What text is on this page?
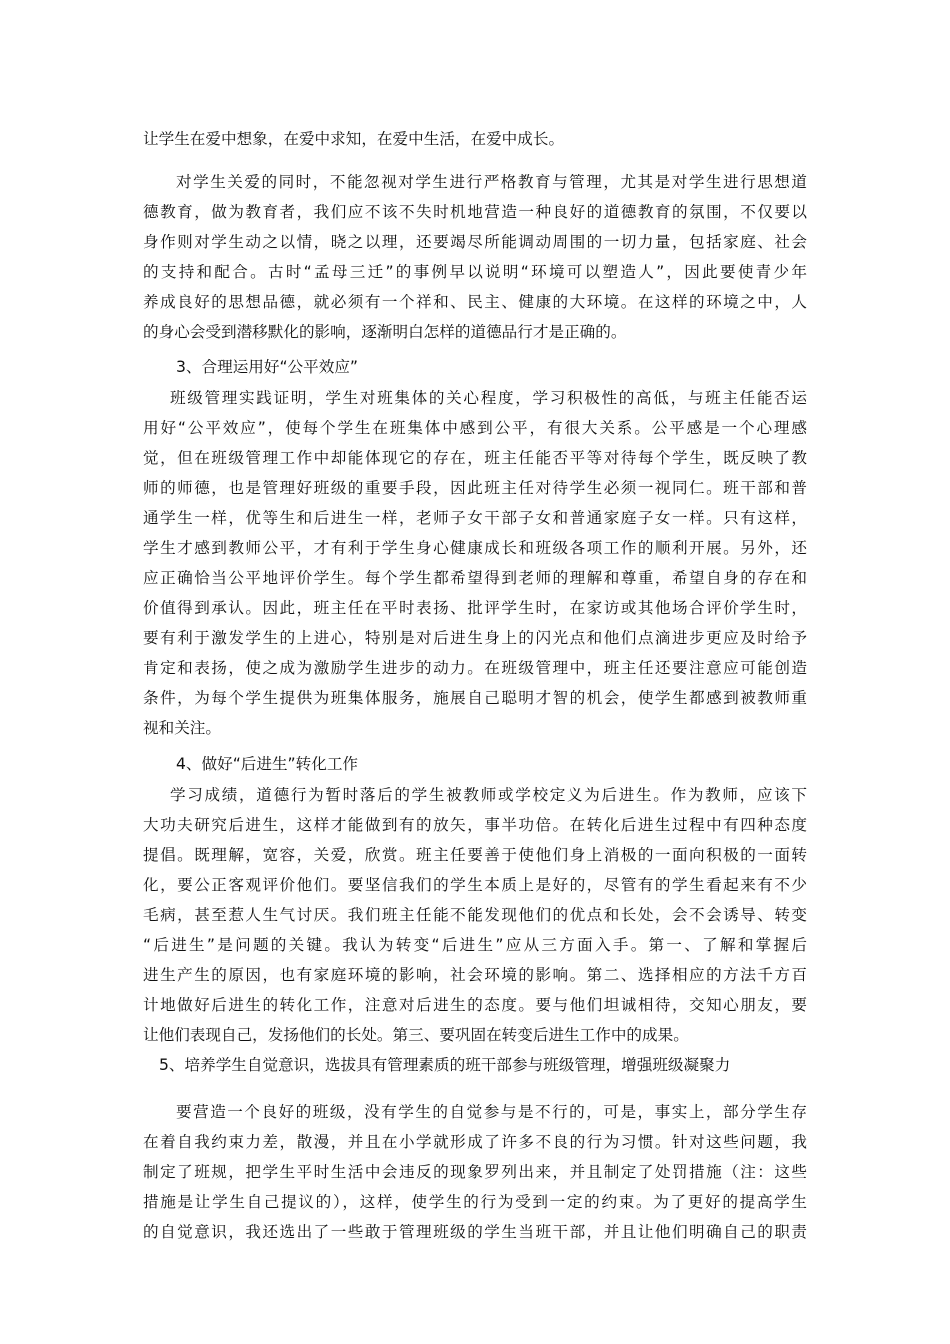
让学生在爱中想象，在爱中求知，在爱中生活，在爱中成长。
对学生关爱的同时，不能忽视对学生进行严格教育与管理，尤其是对学生进行思想道
德教育，做为教育者，我们应不该不失时机地营造一种良好的道德教育的氛围，不仅要以
身作则对学生动之以情，晓之以理，还要竭尽所能调动周围的一切力量，包括家庭、社会
的支持和配合。古时“孟母三迁”的事例早以说明“环境可以塑造人”，因此要使青少年
养成良好的思想品德，就必须有一个祥和、民主、健康的大环境。在这样的环境之中，人
的身心会受到潜移默化的影响，逐渐明白怎样的道德品行才是正确的。
3、合理运用好“公平效应”
班级管理实践证明，学生对班集体的关心程度，学习积极性的高低，与班主任能否运
用好“公平效应”，使每个学生在班集体中感到公平，有很大关系。公平感是一个心理感
觉，但在班级管理工作中却能体现它的存在，班主任能否平等对待每个学生，既反映了教
师的师德，也是管理好班级的重要手段，因此班主任对待学生必须一视同仁。班干部和普
通学生一样，优等生和后进生一样，老师子女干部子女和普通家庭子女一样。只有这样，
学生才感到教师公平，才有利于学生身心健康成长和班级各项工作的顺利开展。另外，还
应正确恰当公平地评价学生。每个学生都希望得到老师的理解和尊重，希望自身的存在和
价值得到承认。因此，班主任在平时表扬、批评学生时，在家访或其他场合评价学生时，
要有利于激发学生的上进心，特别是对后进生身上的闪光点和他们点滴进步更应及时给予
肯定和表扬，使之成为激励学生进步的动力。在班级管理中，班主任还要注意应可能创造
条件，为每个学生提供为班集体服务，施展自己聪明才智的机会，使学生都感到被教师重
视和关注。
4、做好“后进生”转化工作
学习成绩，道德行为暂时落后的学生被教师或学校定义为后进生。作为教师，应该下
大功夫研究后进生，这样才能做到有的放矢，事半功倍。在转化后进生过程中有四种态度
提倡。既理解，宽容，关爱，欣赏。班主任要善于使他们身上消极的一面向积极的一面转
化，要公正客观评价他们。要坚信我们的学生本质上是好的，尽管有的学生看起来有不少
毛病，甚至惹人生气讨厌。我们班主任能不能发现他们的优点和长处，会不会诱导、转变
“后进生”是问题的关键。我认为转变“后进生”应从三方面入手。第一、了解和掌握后
进生产生的原因，也有家庭环境的影响，社会环境的影响。第二、选择相应的方法千方百
计地做好后进生的转化工作，注意对后进生的态度。要与他们坦诚相待，交知心朋友，要
让他们表现自己，发扬他们的长处。第三、要巩固在转变后进生工作中的成果。
5、培养学生自觉意识，选拔具有管理素质的班干部参与班级管理，增强班级凝聚力
要营造一个良好的班级，没有学生的自觉参与是不行的，可是，事实上，部分学生存
在着自我约束力差，散漫，并且在小学就形成了许多不良的行为习惯。针对这些问题，我
制定了班规，把学生平时生活中会违反的现象罗列出来，并且制定了处罚措施（注：这些
措施是让学生自己提议的），这样，使学生的行为受到一定的约束。为了更好的提高学生
的自觉意识，我还选出了一些敢于管理班级的学生当班干部，并且让他们明确自己的职责
